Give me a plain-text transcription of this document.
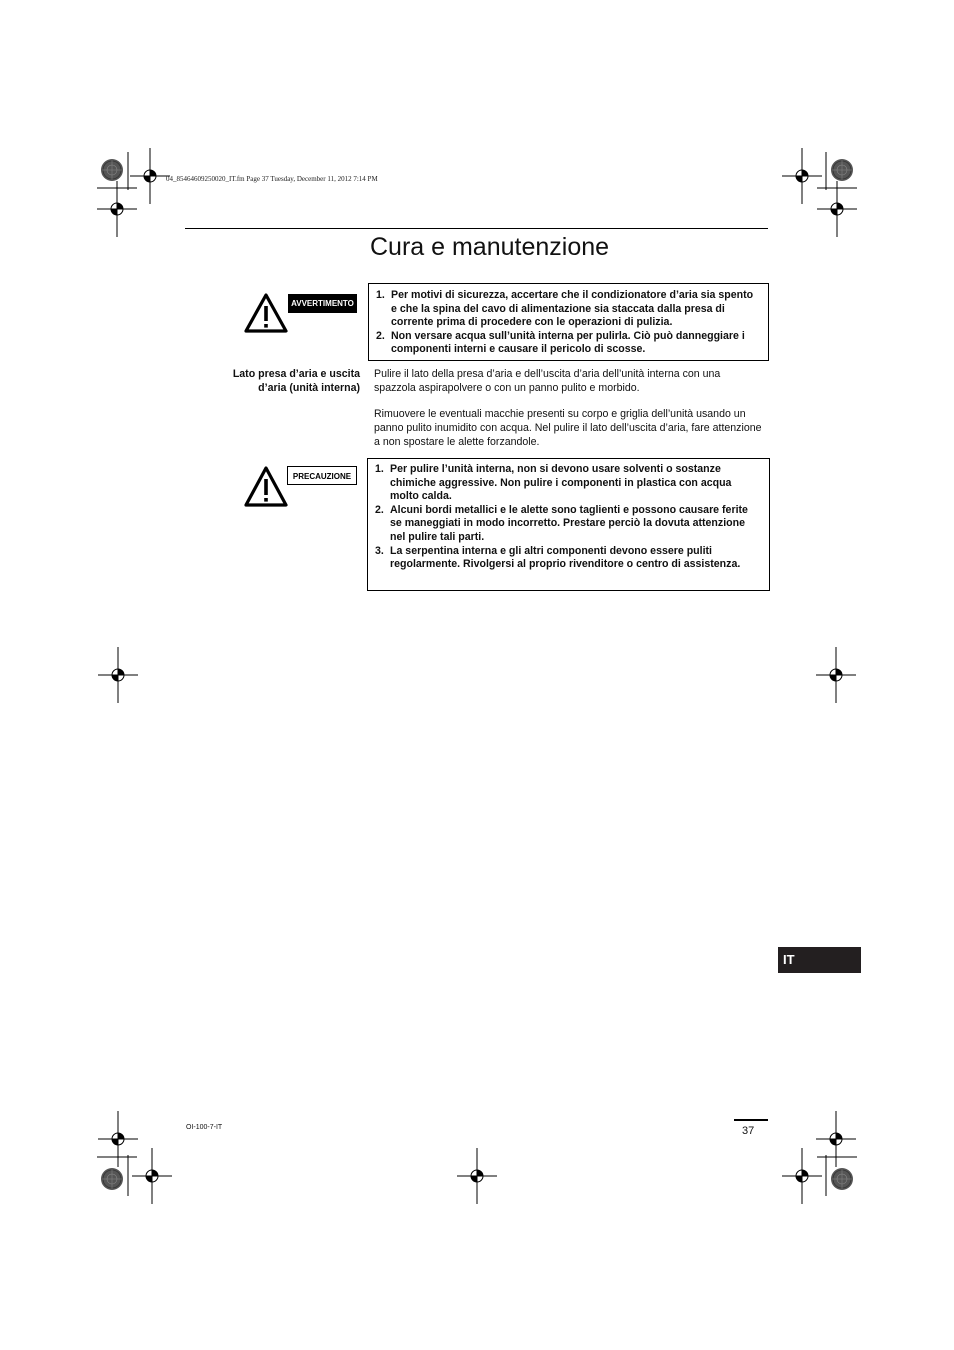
04_85464609250020_IT.fm Page 37 Tuesday, December 11, 2012 7:14 PM
Cura e manutenzione
AVVERTIMENTO
1. Per motivi di sicurezza, accertare che il condizionatore d’aria sia spento e che la spina del cavo di alimentazione sia staccata dalla presa di corrente prima di procedere con le operazioni di pulizia.
2. Non versare acqua sull’unità interna per pulirla. Ciò può danneggiare i componenti interni e causare il pericolo di scosse.
Lato presa d’aria e uscita
d’aria (unità interna)

Pulire il lato della presa d’aria e dell’uscita d’aria dell’unità interna con una spazzola aspirapolvere o con un panno pulito e morbido.

Rimuovere le eventuali macchie presenti su corpo e griglia dell’unità usando un panno pulito inumidito con acqua. Nel pulire il lato dell’uscita d’aria, fare attenzione a non spostare le alette forzandole.

PRECAUZIONE
1. Per pulire l’unità interna, non si devono usare solventi o sostanze chimiche aggressive. Non pulire i componenti in plastica con acqua molto calda.
2. Alcuni bordi metallici e le alette sono taglienti e possono causare ferite se maneggiati in modo incorretto. Prestare perciò la dovuta attenzione nel pulire tali parti.
3. La serpentina interna e gli altri componenti devono essere puliti regolarmente. Rivolgersi al proprio rivenditore o centro di assistenza.
IT
OI-100-7-IT	37
